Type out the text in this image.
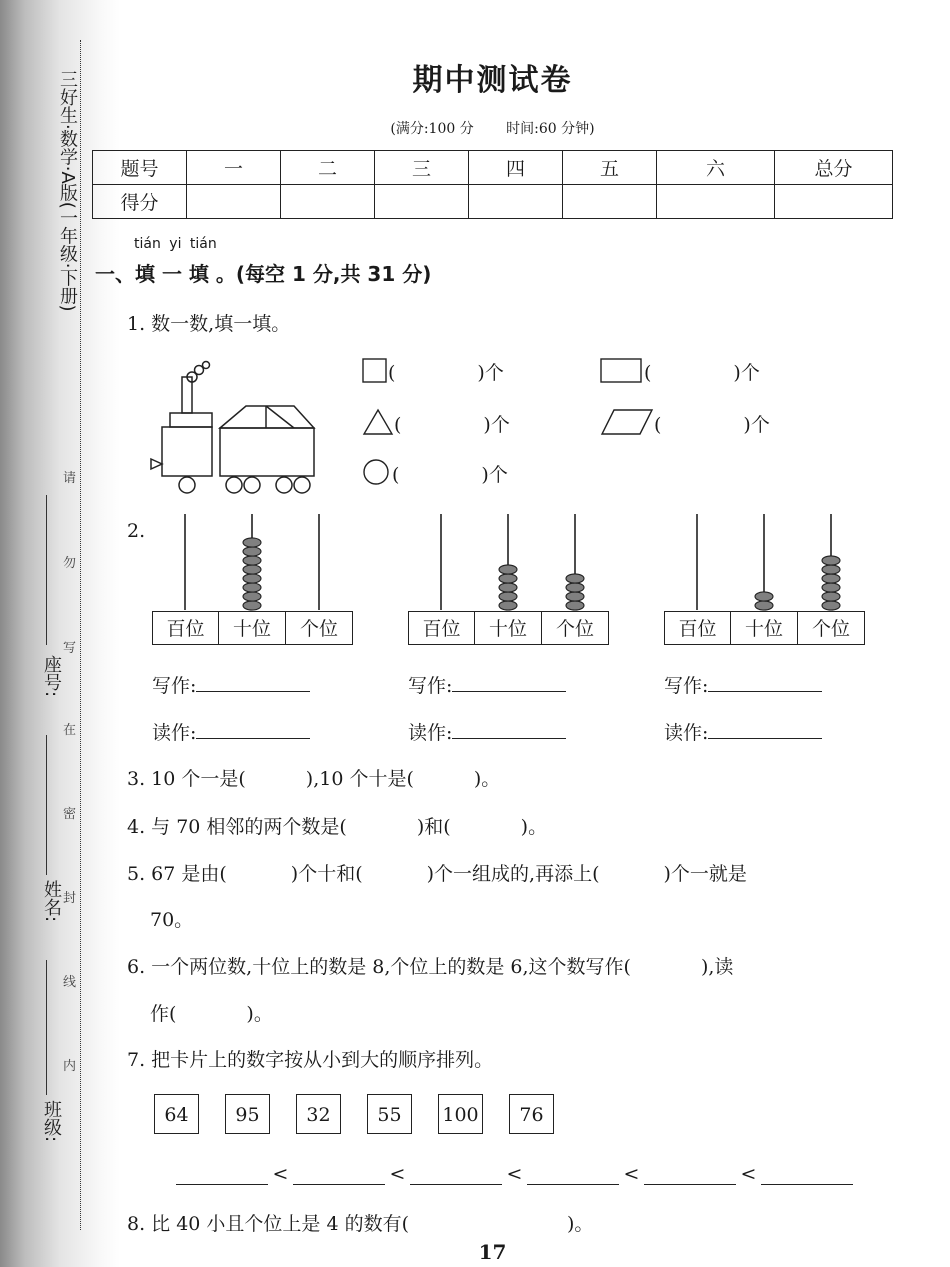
三好生·数学·A版(一年级·下册)
座号:
姓名:
班级:
请
勿
写
在
密
封
线
内
期中测试卷
(满分:100 分 时间:60 分钟)
题号	一	二	三	四	五	六	总分
得分							
tián yi tián
一、填 一 填 。(每空 1 分,共 31 分)
1. 数一数,填一填。
(	)个	(	)个
(	)个	(	)个
(	)个
2.
百位	十位	个位	百位	十位	个位	百位	十位	个位
写作:	写作:	写作:
读作:	读作:	读作:
3. 10 个一是(	),10 个十是(	)。
4. 与 70 相邻的两个数是(	)和(	)。
5. 67 是由(	)个十和(	)个一组成的,再添上(	)个一就是
70。
6. 一个两位数,十位上的数是 8,个位上的数是 6,这个数写作(	),读
作(	)。
7. 把卡片上的数字按从小到大的顺序排列。
64	95	32	55	100	76
<	<	<	<	<
8. 比 40 小且个位上是 4 的数有(	)。
17
